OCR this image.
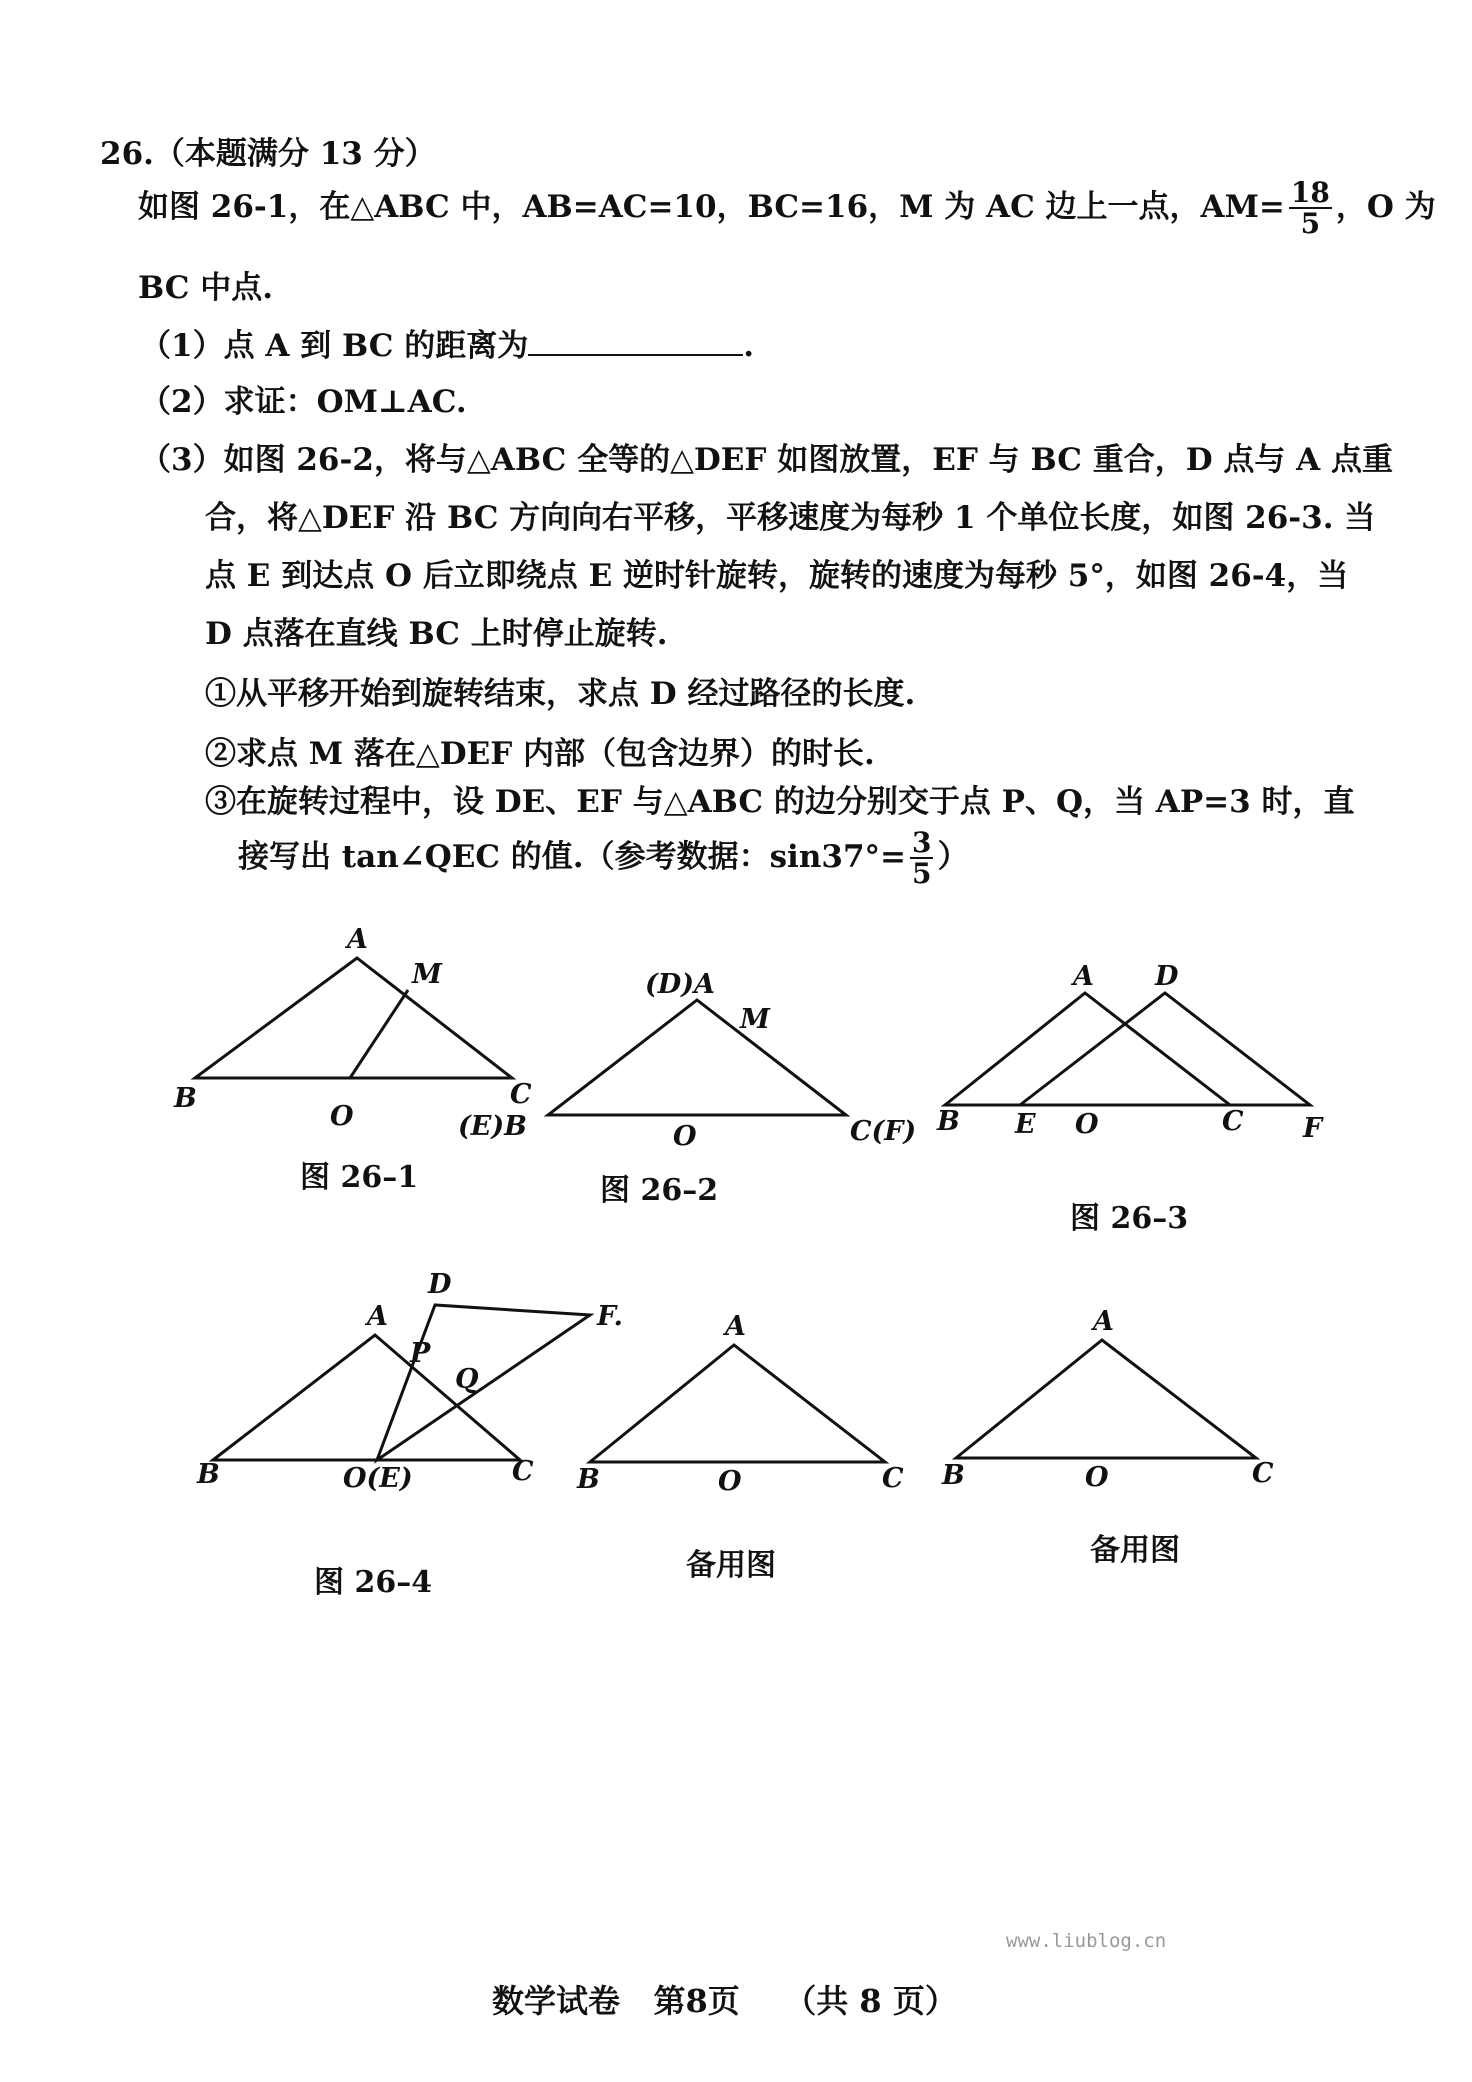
26.（本题满分 13 分）
如图 26-1，在△ABC 中，AB=AC=10，BC=16，M 为 AC 边上一点，$AM= \frac{18}{5}$ ，O 为
BC 中点.
（1）点 A 到 BC 的距离为	.
（2）求证：OM⊥AC.
（3）如图 26-2，将与△ABC 全等的△DEF 如图放置，EF 与 BC 重合，D 点与 A 点重
合，将△DEF 沿 BC 方向向右平移，平移速度为每秒 1 个单位长度，如图 26-3. 当
点 E 到达点 O 后立即绕点 E 逆时针旋转，旋转的速度为每秒 5°，如图 26-4，当
D 点落在直线 BC 上时停止旋转.
①从平移开始到旋转结束，求点 D 经过路径的长度.
②求点 M 落在△DEF 内部（包含边界）的时长.
③在旋转过程中，设 DE、EF 与△ABC 的边分别交于点 P、Q，当 AP=3 时，直
接写出 tan∠QEC 的值.（参考数据：$\sin 37^\circ= \frac{3}{5}$ ）
A
M
B
O
C
(D)A
M
(E)B	O	C(F)
A D
B E O	C F
D
A	F.
P
Q
B	O(E)	C
A
B	O	C
A
B	O	C
图 26–1	图 26–2
图 26–3
图 26–4	备用图	备用图
www.liublog.cn
数学试卷 第8页 （共 8 页）
